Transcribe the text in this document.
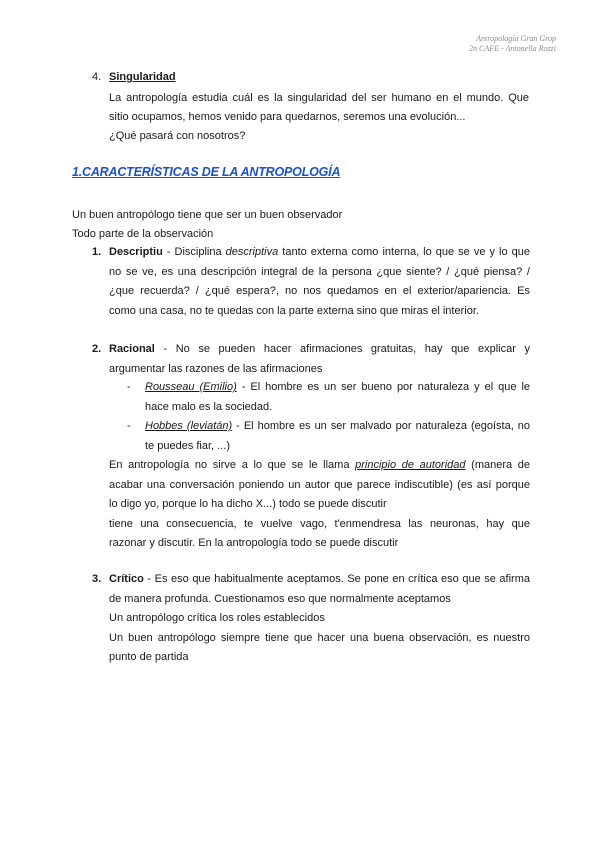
Antropología Gran Grop
2n CAFE - Antonella Rozzi
4. Singularidad
La antropología estudia cuál es la singularidad del ser humano en el mundo. Que
sitio ocupamos, hemos venido para quedarnos, seremos una evolución...
¿Qué pasará con nosotros?
1.CARACTERÍSTICAS DE LA ANTROPOLOGÍA
Un buen antropólogo tiene que ser un buen observador
Todo parte de la observación
1. Descriptiu - Disciplina descriptiva tanto externa como interna, lo que se ve y lo que
no se ve, es una descripción integral de la persona ¿que siente? / ¿qué piensa? /
¿que recuerda? / ¿qué espera?, no nos quedamos en el exterior/apariencia. Es
como una casa, no te quedas con la parte externa sino que miras el interior.
2. Racional - No se pueden hacer afirmaciones gratuitas, hay que explicar y
argumentar las razones de las afirmaciones
- Rousseau (Emilio) - El hombre es un ser bueno por naturaleza y el que le
hace malo es la sociedad.
- Hobbes (leviatán) - El hombre es un ser malvado por naturaleza (egoísta, no
te puedes fiar, ...)
En antropología no sirve a lo que se le llama principio de autoridad (manera de
acabar una conversación poniendo un autor que parece indiscutible) (es así porque
lo digo yo, porque lo ha dicho X...) todo se puede discutir
tiene una consecuencia, te vuelve vago, t'enmendresa las neuronas, hay que
razonar y discutir. En la antropología todo se puede discutir
3. Crítico - Es eso que habitualmente aceptamos. Se pone en crítica eso que se afirma
de manera profunda. Cuestionamos eso que normalmente aceptamos
Un antropólogo crítica los roles establecidos
Un buen antropólogo siempre tiene que hacer una buena observación, es nuestro
punto de partida
